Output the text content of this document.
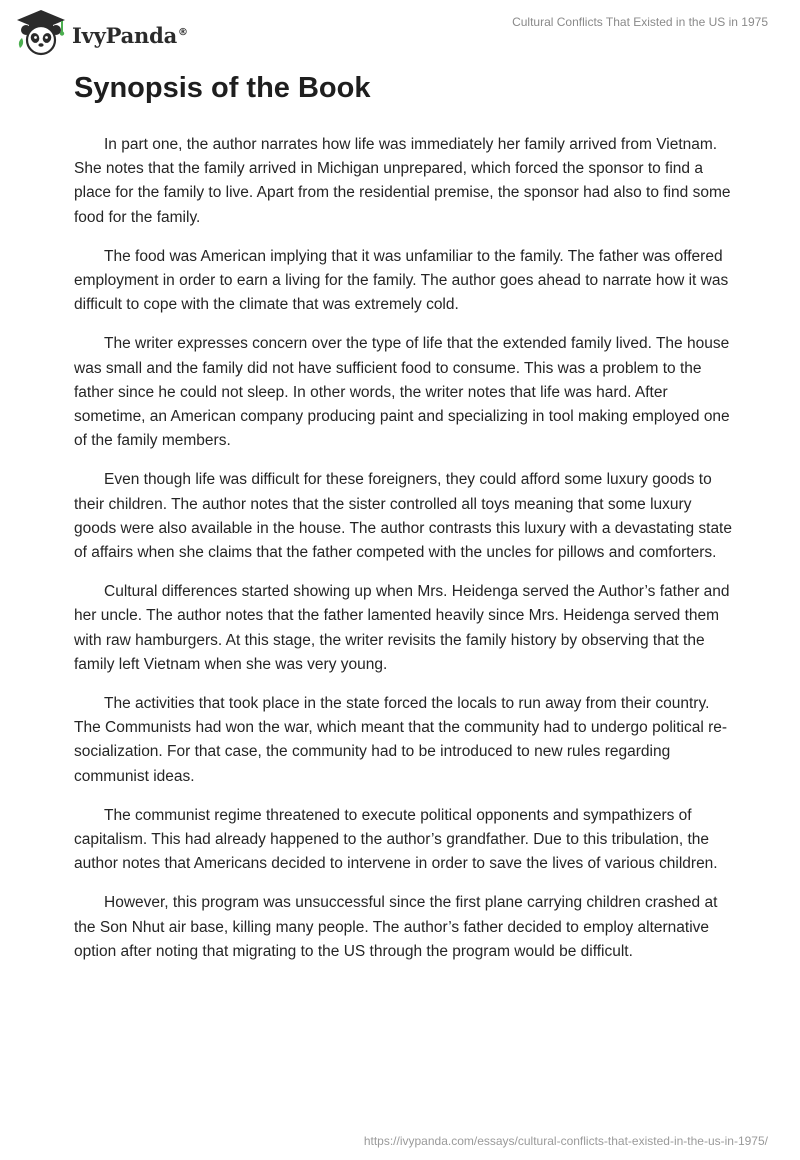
IvyPanda®
Cultural Conflicts That Existed in the US in 1975
Synopsis of the Book

In part one, the author narrates how life was immediately her family arrived from Vietnam. She notes that the family arrived in Michigan unprepared, which forced the sponsor to find a place for the family to live. Apart from the residential premise, the sponsor had also to find some food for the family.

The food was American implying that it was unfamiliar to the family. The father was offered employment in order to earn a living for the family. The author goes ahead to narrate how it was difficult to cope with the climate that was extremely cold.

The writer expresses concern over the type of life that the extended family lived. The house was small and the family did not have sufficient food to consume. This was a problem to the father since he could not sleep. In other words, the writer notes that life was hard. After sometime, an American company producing paint and specializing in tool making employed one of the family members.

Even though life was difficult for these foreigners, they could afford some luxury goods to their children. The author notes that the sister controlled all toys meaning that some luxury goods were also available in the house. The author contrasts this luxury with a devastating state of affairs when she claims that the father competed with the uncles for pillows and comforters.

Cultural differences started showing up when Mrs. Heidenga served the Author’s father and her uncle. The author notes that the father lamented heavily since Mrs. Heidenga served them with raw hamburgers. At this stage, the writer revisits the family history by observing that the family left Vietnam when she was very young.

The activities that took place in the state forced the locals to run away from their country. The Communists had won the war, which meant that the community had to undergo political re-socialization. For that case, the community had to be introduced to new rules regarding communist ideas.

The communist regime threatened to execute political opponents and sympathizers of capitalism. This had already happened to the author’s grandfather. Due to this tribulation, the author notes that Americans decided to intervene in order to save the lives of various children.

However, this program was unsuccessful since the first plane carrying children crashed at the Son Nhut air base, killing many people. The author’s father decided to employ alternative option after noting that migrating to the US through the program would be difficult.

https://ivypanda.com/essays/cultural-conflicts-that-existed-in-the-us-in-1975/
